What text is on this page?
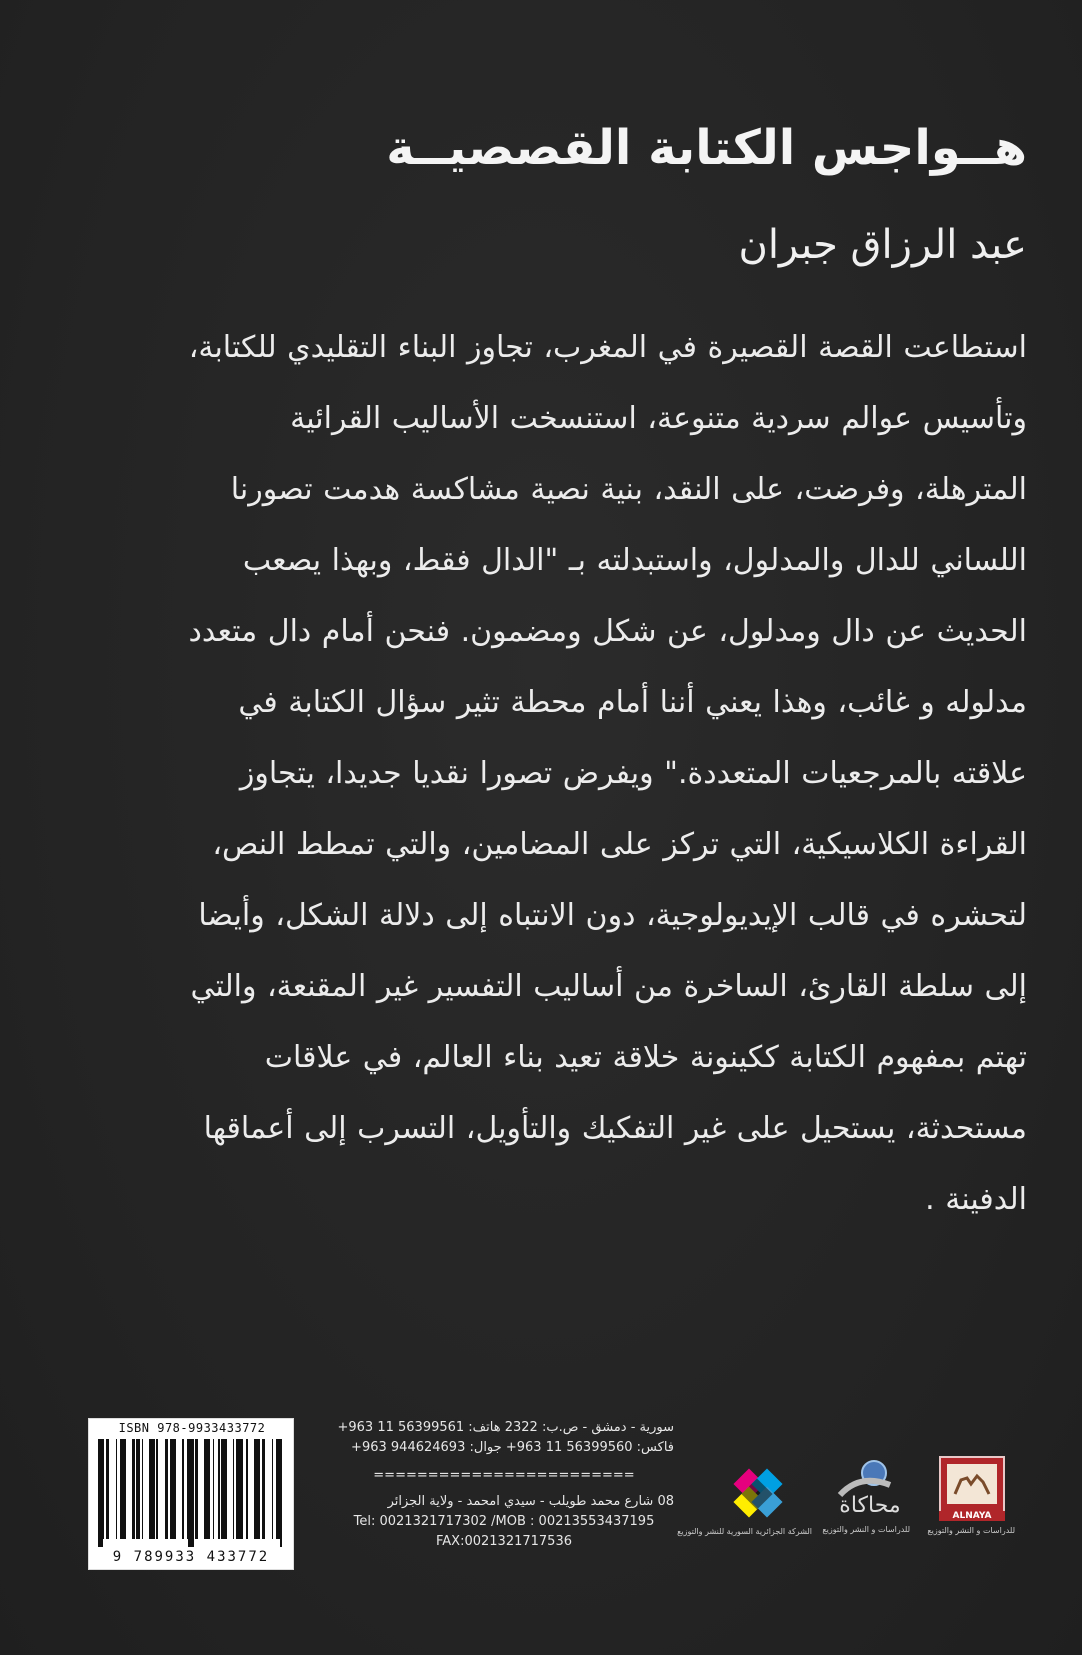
هــواجس الكتابة القصصيــة
عبد الرزاق جبران
استطاعت القصة القصيرة في المغرب، تجاوز البناء التقليدي للكتابة،
وتأسيس عوالم سردية متنوعة، استنسخت الأساليب القرائية
المترهلة، وفرضت، على النقد، بنية نصية مشاكسة هدمت تصورنا
اللساني للدال والمدلول، واستبدلته بـ "الدال فقط، وبهذا يصعب
الحديث عن دال ومدلول، عن شكل ومضمون. فنحن أمام دال متعدد
مدلوله و غائب، وهذا يعني أننا أمام محطة تثير سؤال الكتابة في
علاقته بالمرجعيات المتعددة." ويفرض تصورا نقديا جديدا، يتجاوز
القراءة الكلاسيكية، التي تركز على المضامين، والتي تمطط النص،
لتحشره في قالب الإيديولوجية، دون الانتباه إلى دلالة الشكل، وأيضا
إلى سلطة القارئ، الساخرة من أساليب التفسير غير المقنعة، والتي
تهتم بمفهوم الكتابة ككينونة خلاقة تعيد بناء العالم، في علاقات
مستحدثة، يستحيل على غير التفكيك والتأويل، التسرب إلى أعماقها
الدفينة .
ISBN 978-9933433772
9 789933 433772
سورية - دمشق - ص.ب: 2322 هاتف: 56399561 11 963+
فاكس: 56399560 11 963+ جوال: 944624693 963+
========================
08 شارع محمد طويلب - سيدي امحمد - ولاية الجزائر
Tel: 0021321717302 /MOB : 00213553437195
FAX:0021321717536
الشركة الجزائرية السورية للنشر والتوزيع
محاكاة
للدراسات و النشر والتوزيع
ALNAYA
للدراسات و النشر والتوزيع
